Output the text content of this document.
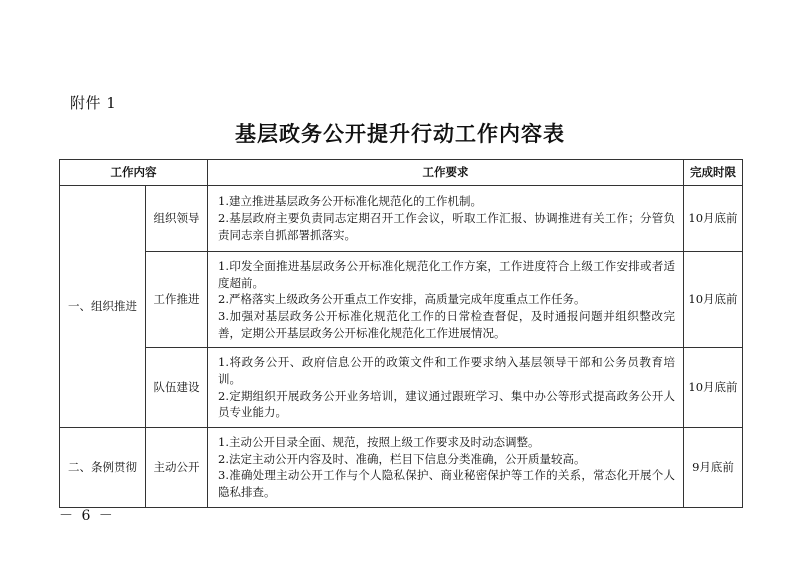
附件 1
基层政务公开提升行动工作内容表
工作内容		工作要求	完成时限
一、组织推进	组织领导	1.建立推进基层政务公开标准化规范化的工作机制。
2.基层政府主要负责同志定期召开工作会议，听取工作汇报、协调推进有关工作；分管负责同志亲自抓部署抓落实。	10月底前
	工作推进	1.印发全面推进基层政务公开标准化规范化工作方案，工作进度符合上级工作安排或者适度超前。
2.严格落实上级政务公开重点工作安排，高质量完成年度重点工作任务。
3.加强对基层政务公开标准化规范化工作的日常检查督促，及时通报问题并组织整改完善，定期公开基层政务公开标准化规范化工作进展情况。	10月底前
	队伍建设	1.将政务公开、政府信息公开的政策文件和工作要求纳入基层领导干部和公务员教育培训。
2.定期组织开展政务公开业务培训，建议通过跟班学习、集中办公等形式提高政务公开人员专业能力。	10月底前
二、条例贯彻	主动公开	1.主动公开目录全面、规范，按照上级工作要求及时动态调整。
2.法定主动公开内容及时、准确，栏目下信息分类准确，公开质量较高。
3.准确处理主动公开工作与个人隐私保护、商业秘密保护等工作的关系，常态化开展个人隐私排查。	9月底前
－ 6 －
